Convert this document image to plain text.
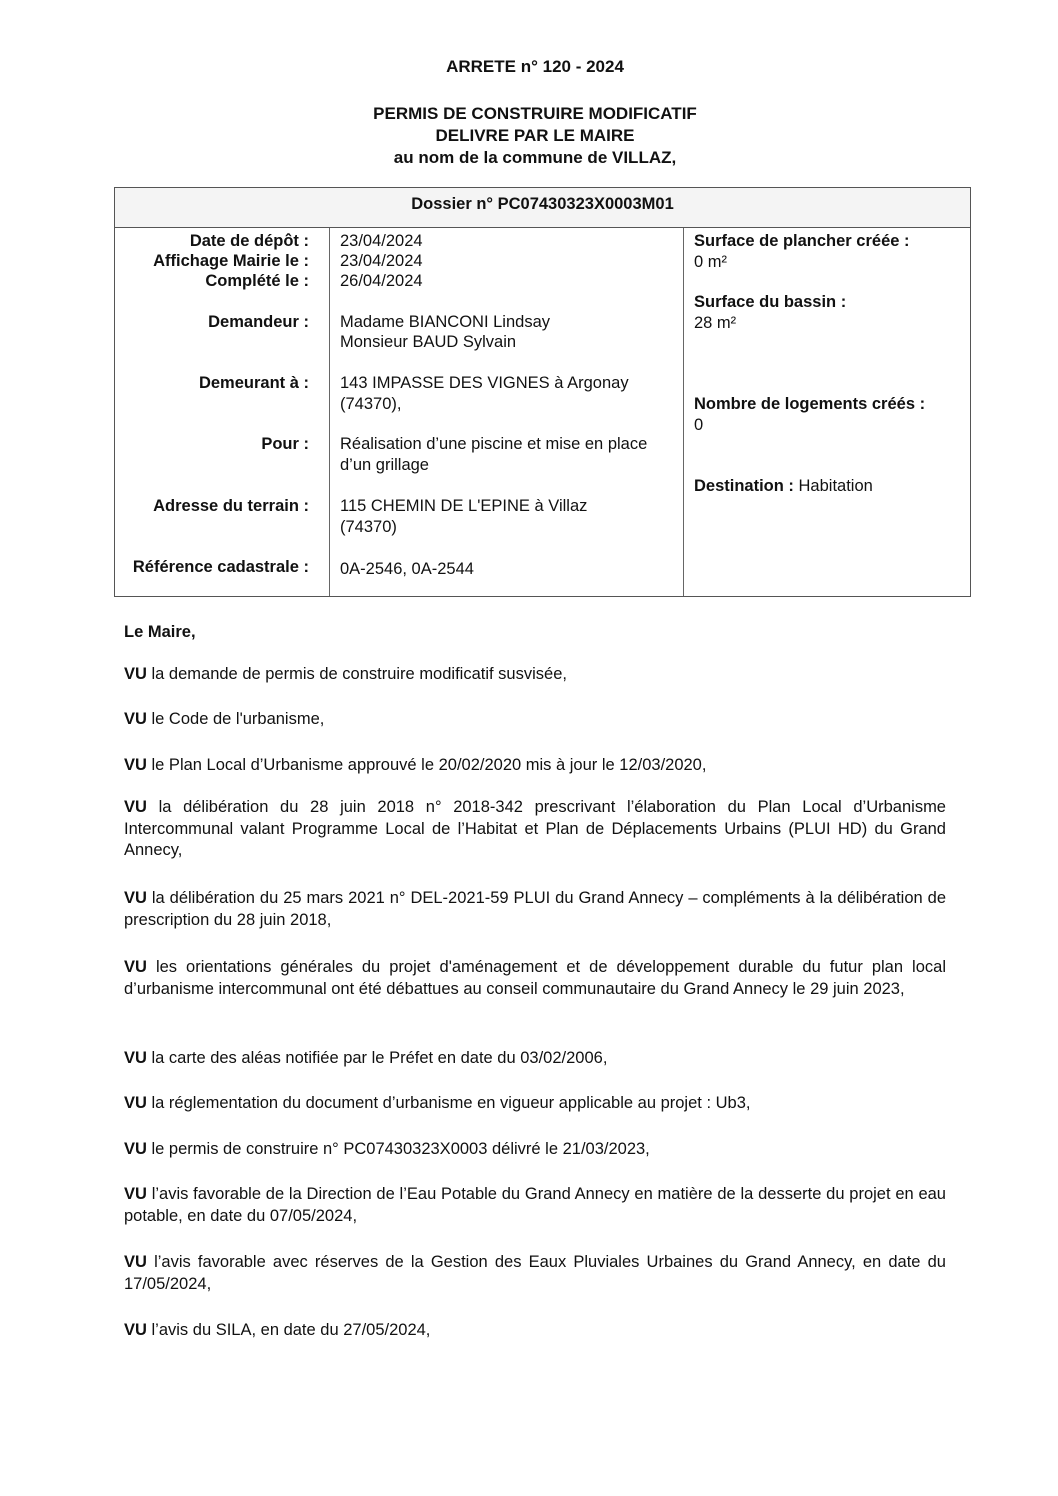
ARRETE n° 120 - 2024
PERMIS DE CONSTRUIRE MODIFICATIF
DELIVRE PAR LE MAIRE
au nom de la commune de VILLAZ,
Dossier n° PC07430323X0003M01
Date de dépôt :
Affichage Mairie le :
Complété le :
Demandeur :
Demeurant à :
Pour :
Adresse du terrain :
Référence cadastrale :
23/04/2024
23/04/2024
26/04/2024
Madame BIANCONI Lindsay
Monsieur BAUD Sylvain
143 IMPASSE DES VIGNES à Argonay
(74370),
Réalisation d’une piscine et mise en place
d’un grillage
115 CHEMIN DE L'EPINE à Villaz
(74370)
0A-2546, 0A-2544
Surface de plancher créée :
0 m²
Surface du bassin :
28 m²
Nombre de logements créés :
0
Destination : Habitation
Le Maire,
VU la demande de permis de construire modificatif susvisée,
VU le Code de l'urbanisme,
VU le Plan Local d’Urbanisme approuvé le 20/02/2020 mis à jour le 12/03/2020,
VU la délibération du 28 juin 2018 n° 2018-342 prescrivant l’élaboration du Plan Local d’Urbanisme Intercommunal valant Programme Local de l’Habitat et Plan de Déplacements Urbains (PLUI HD) du Grand Annecy,
VU la délibération du 25 mars 2021 n° DEL-2021-59 PLUI du Grand Annecy – compléments à la délibération de prescription du 28 juin 2018,
VU les orientations générales du projet d'aménagement et de développement durable du futur plan local d’urbanisme intercommunal ont été débattues au conseil communautaire du Grand Annecy le 29 juin 2023,
VU la carte des aléas notifiée par le Préfet en date du 03/02/2006,
VU la réglementation du document d’urbanisme en vigueur applicable au projet : Ub3,
VU le permis de construire n° PC07430323X0003 délivré le 21/03/2023,
VU l’avis favorable de la Direction de l’Eau Potable du Grand Annecy en matière de la desserte du projet en eau potable, en date du 07/05/2024,
VU l’avis favorable avec réserves de la Gestion des Eaux Pluviales Urbaines du Grand Annecy, en date du 17/05/2024,
VU l’avis du SILA, en date du 27/05/2024,
